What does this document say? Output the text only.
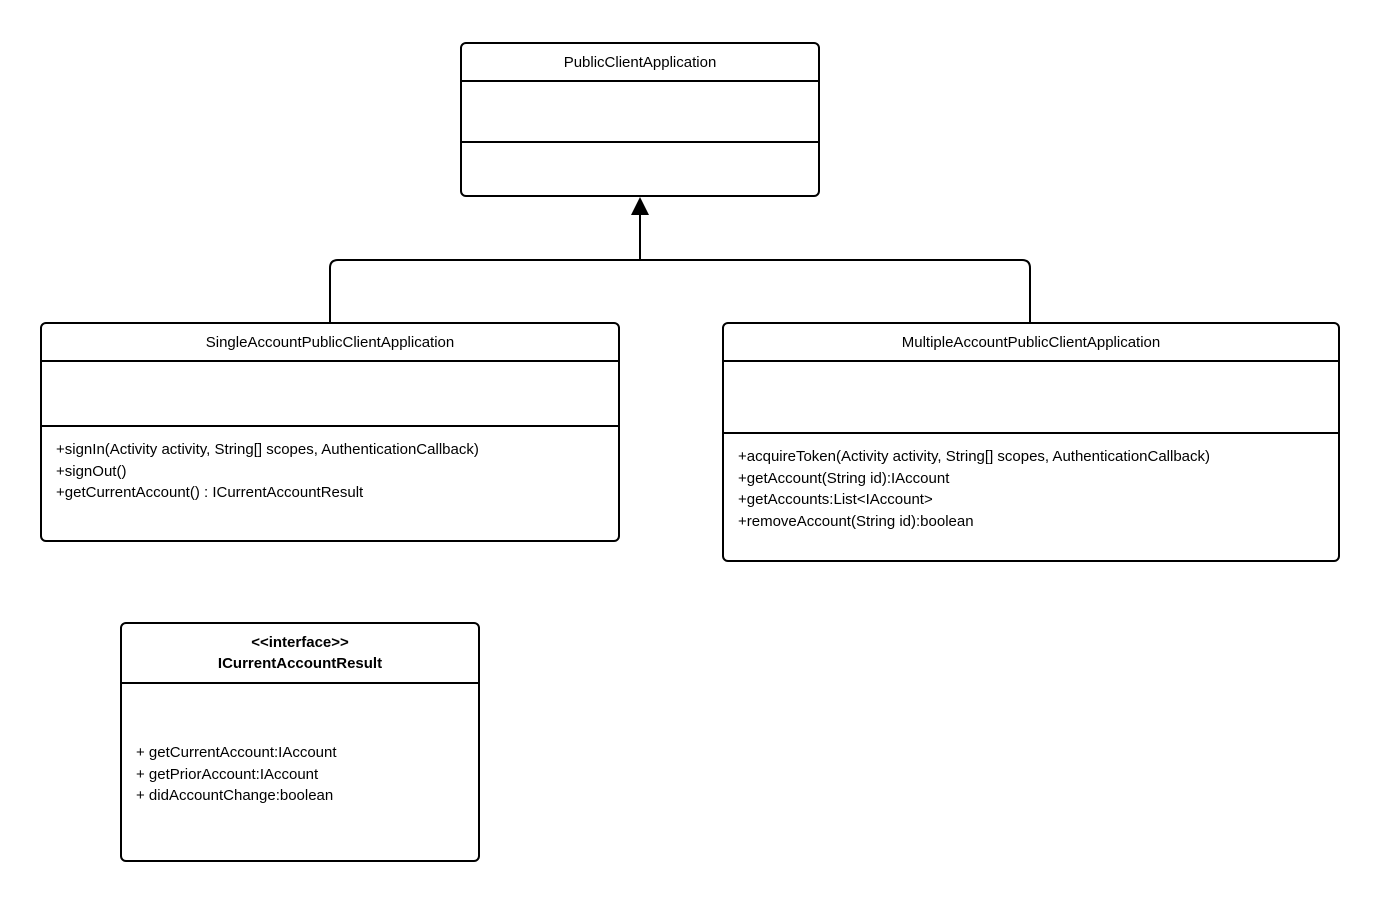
PublicClientApplication
SingleAccountPublicClientApplication
+signIn(Activity activity, String[] scopes, AuthenticationCallback)
+signOut()
+getCurrentAccount() : ICurrentAccountResult
MultipleAccountPublicClientApplication
+acquireToken(Activity activity, String[] scopes, AuthenticationCallback)
+getAccount(String id):IAccount
+getAccounts:List<IAccount>
+removeAccount(String id):boolean
<<interface>>
ICurrentAccountResult
+ getCurrentAccount:IAccount
+ getPriorAccount:IAccount
+ didAccountChange:boolean
